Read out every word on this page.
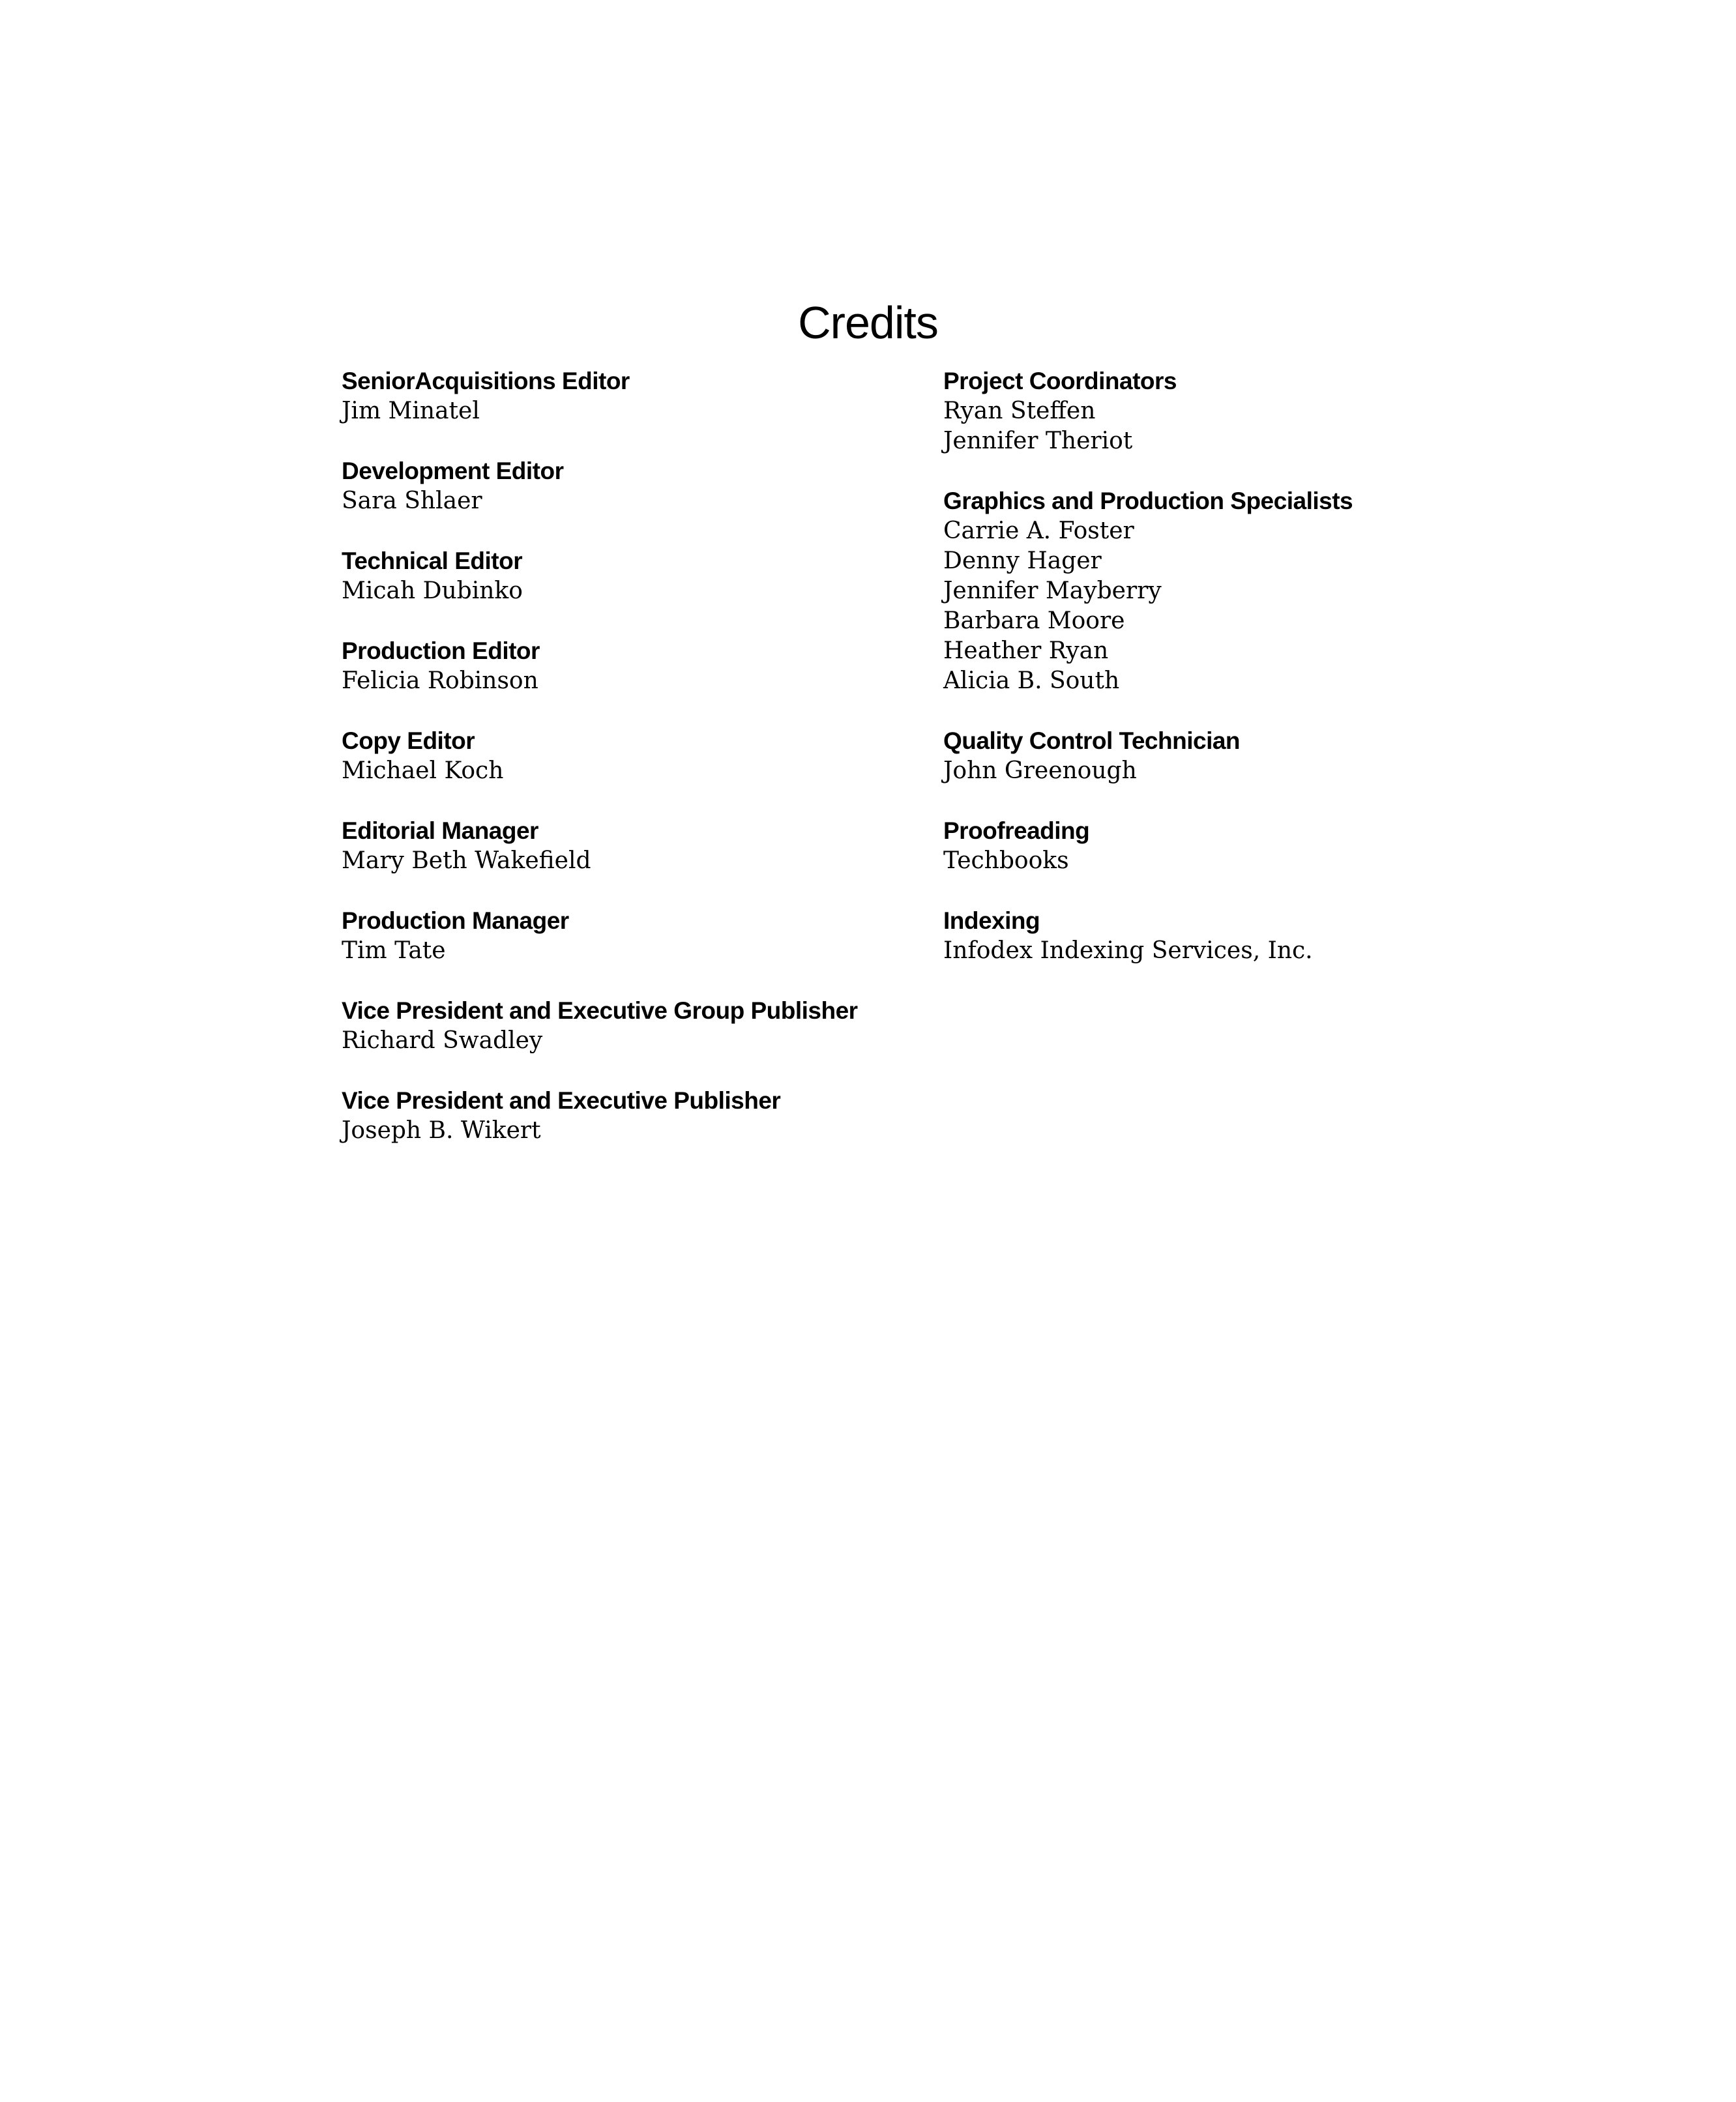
Credits
SeniorAcquisitions Editor
Jim Minatel
Development Editor
Sara Shlaer
Technical Editor
Micah Dubinko
Production Editor
Felicia Robinson
Copy Editor
Michael Koch
Editorial Manager
Mary Beth Wakefield
Production Manager
Tim Tate
Vice President and Executive Group Publisher
Richard Swadley
Vice President and Executive Publisher
Joseph B. Wikert
Project Coordinators
Ryan Steffen
Jennifer Theriot
Graphics and Production Specialists
Carrie A. Foster
Denny Hager
Jennifer Mayberry
Barbara Moore
Heather Ryan
Alicia B. South
Quality Control Technician
John Greenough
Proofreading
Techbooks
Indexing
Infodex Indexing Services, Inc.
